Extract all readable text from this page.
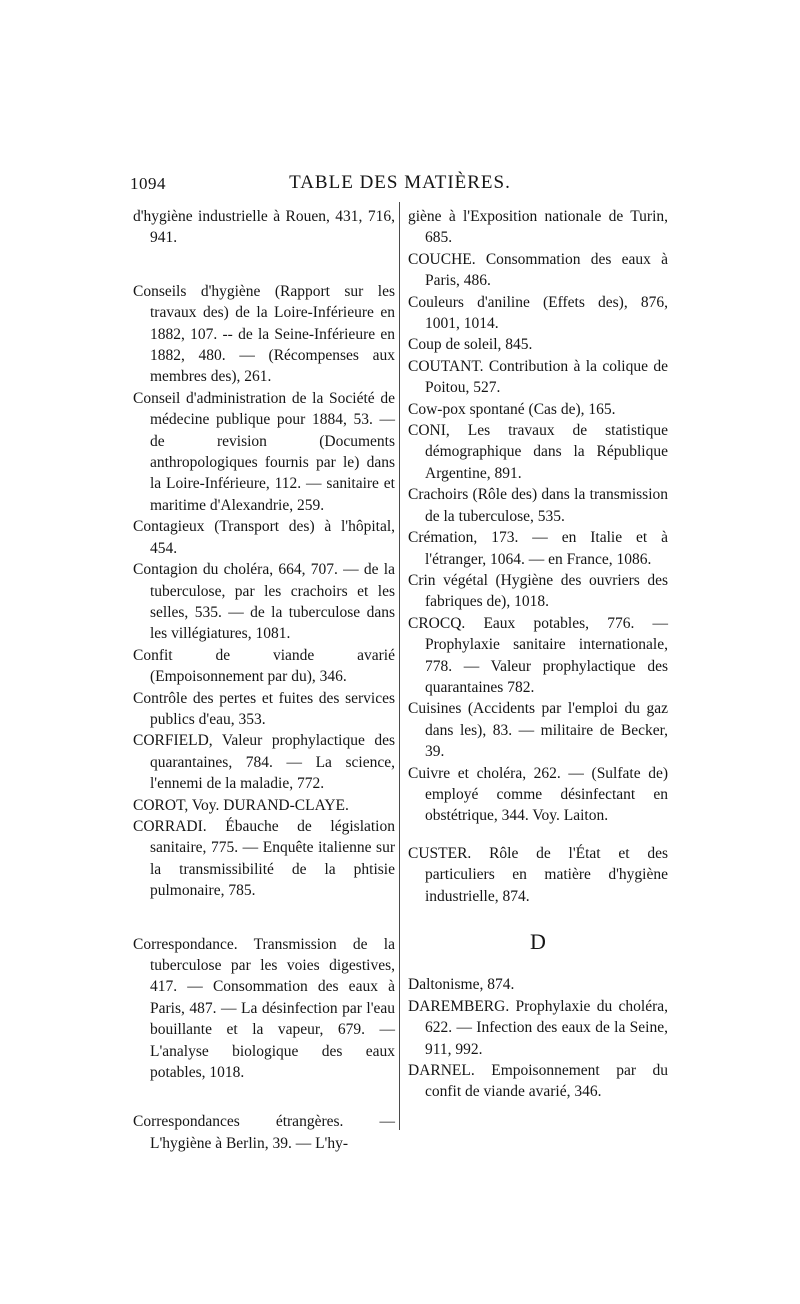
1094	TABLE DES MATIÈRES.

d'hygiène industrielle à Rouen, 431, 716, 941.

Conseils d'hygiène (Rapport sur les travaux des) de la Loire-Inférieure en 1882, 107. -- de la Seine-Inférieure en 1882, 480. — (Récompenses aux membres des), 261.

Conseil d'administration de la Société de médecine publique pour 1884, 53. — de revision (Documents anthropologiques fournis par le) dans la Loire-Inférieure, 112. — sanitaire et maritime d'Alexandrie, 259.

Contagieux (Transport des) à l'hôpital, 454.

Contagion du choléra, 664, 707. — de la tuberculose, par les crachoirs et les selles, 535. — de la tuberculose dans les villégiatures, 1081.

Confit de viande avarié (Empoisonnement par du), 346.

Contrôle des pertes et fuites des services publics d'eau, 353.

CORFIELD, Valeur prophylactique des quarantaines, 784. — La science, l'ennemi de la maladie, 772.

COROT, Voy. DURAND-CLAYE.

CORRADI. Ébauche de législation sanitaire, 775. — Enquête italienne sur la transmissibilité de la phtisie pulmonaire, 785.

Correspondance. Transmission de la tuberculose par les voies digestives, 417. — Consommation des eaux à Paris, 487. — La désinfection par l'eau bouillante et la vapeur, 679. — L'analyse biologique des eaux potables, 1018.

Correspondances étrangères. — L'hygiène à Berlin, 39. — L'hy-

giène à l'Exposition nationale de Turin, 685.

COUCHE. Consommation des eaux à Paris, 486.

Couleurs d'aniline (Effets des), 876, 1001, 1014.

Coup de soleil, 845.

COUTANT. Contribution à la colique de Poitou, 527.

Cow-pox spontané (Cas de), 165.

CONI, Les travaux de statistique démographique dans la République Argentine, 891.

Crachoirs (Rôle des) dans la transmission de la tuberculose, 535.

Crémation, 173. — en Italie et à l'étranger, 1064. — en France, 1086.

Crin végétal (Hygiène des ouvriers des fabriques de), 1018.

CROCQ. Eaux potables, 776. — Prophylaxie sanitaire internationale, 778. — Valeur prophylactique des quarantaines 782.

Cuisines (Accidents par l'emploi du gaz dans les), 83. — militaire de Becker, 39.

Cuivre et choléra, 262. — (Sulfate de) employé comme désinfectant en obstétrique, 344. Voy. Laiton.

CUSTER. Rôle de l'État et des particuliers en matière d'hygiène industrielle, 874.

D

Daltonisme, 874.

DAREMBERG. Prophylaxie du choléra, 622. — Infection des eaux de la Seine, 911, 992.

DARNEL. Empoisonnement par du confit de viande avarié, 346.
